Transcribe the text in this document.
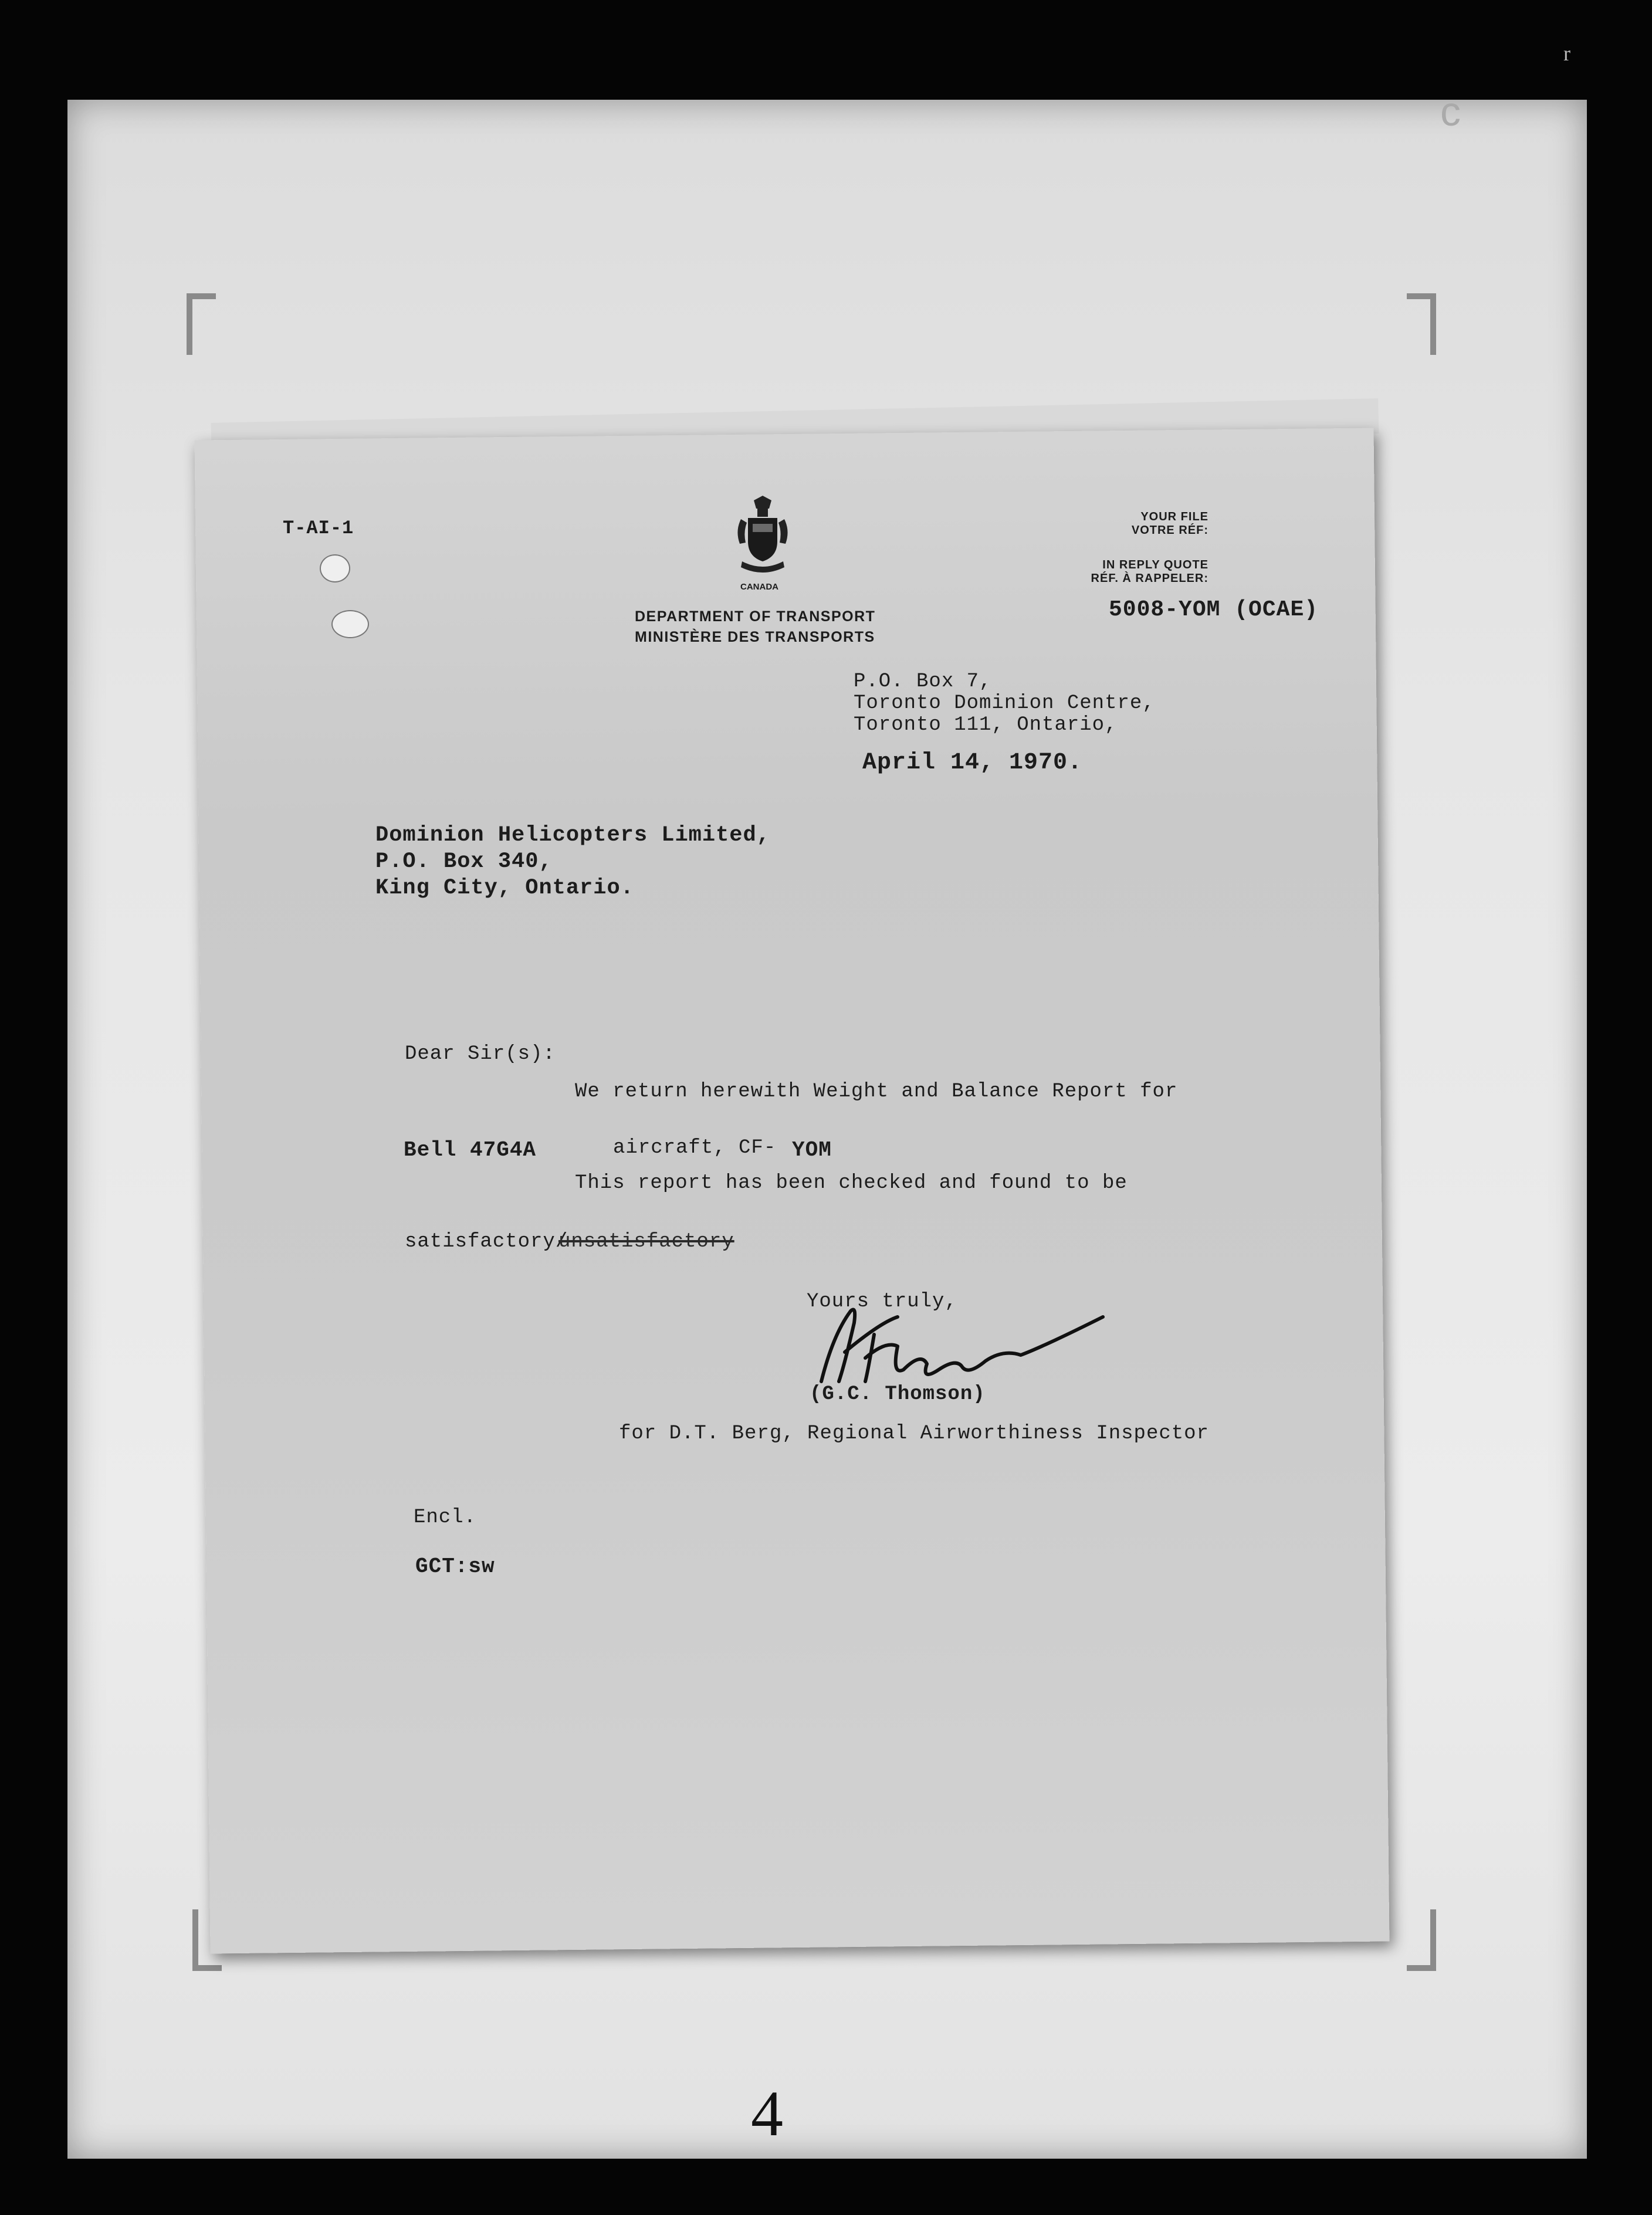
r
c
T-AI-1
CANADA
DEPARTMENT OF TRANSPORT
MINISTÈRE DES TRANSPORTS
YOUR FILE
VOTRE RÉF:
IN REPLY QUOTE
RÉF. À RAPPELER:
5008-YOM (OCAE)
P.O. Box 7,
Toronto Dominion Centre,
Toronto 111, Ontario,
April 14, 1970.
Dominion Helicopters Limited,
P.O. Box 340,
King City, Ontario.
Dear Sir(s):
We return herewith Weight and Balance Report for
Bell 47G4A	aircraft, CF- YOM
This report has been checked and found to be
satisfactory/
unsatisfactory
Yours truly,
(G.C. Thomson)
for D.T. Berg, Regional Airworthiness Inspector
Encl.
GCT:sw
4
